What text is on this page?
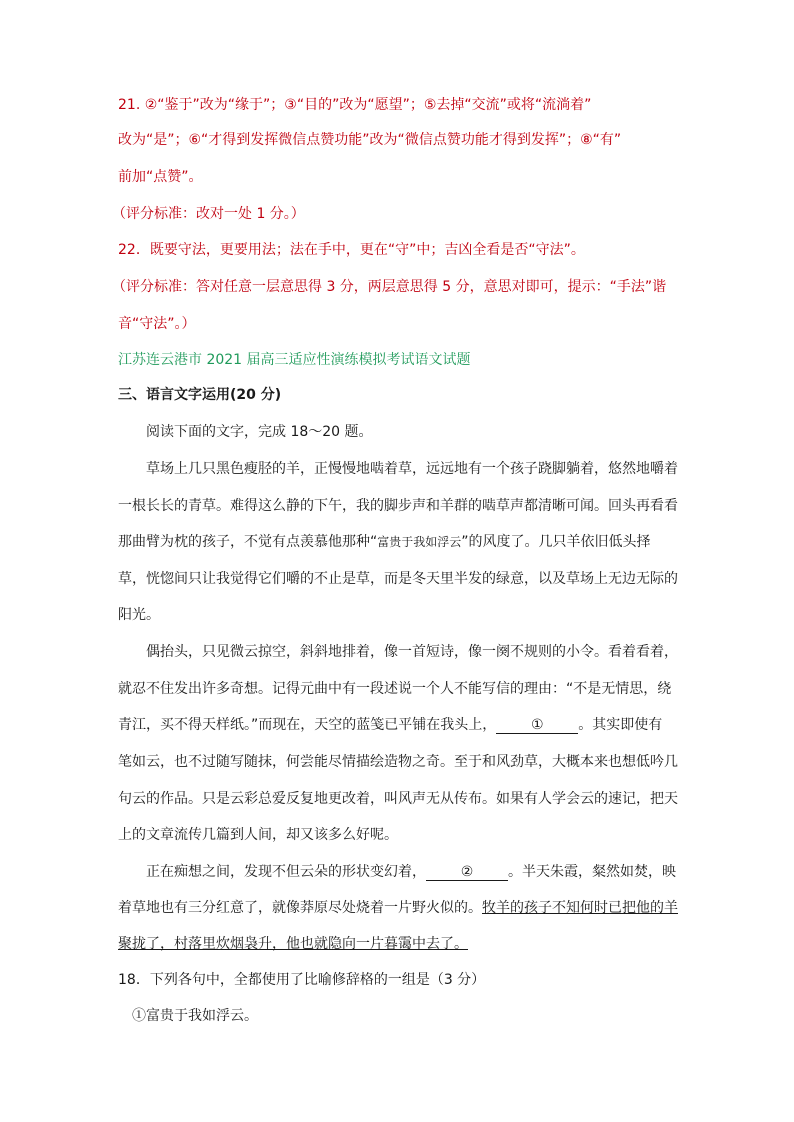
21. ②“鉴于”改为“缘于”；③“目的”改为“愿望”；⑤去掉“交流”或将“流淌着”
改为“是”；⑥“才得到发挥微信点赞功能”改为“微信点赞功能才得到发挥”；⑧“有”
前加“点赞”。
（评分标准：改对一处 1 分。）
22．既要守法，更要用法；法在手中，更在“守”中；吉凶全看是否“守法”。
（评分标准：答对任意一层意思得 3 分，两层意思得 5 分，意思对即可，提示：“手法”谐
音“守法”。）
江苏连云港市 2021 届高三适应性演练模拟考试语文试题
三、语言文字运用(20 分)
阅读下面的文字，完成 18～20 题。
草场上几只黑色瘦胫的羊，正慢慢地啮着草，远远地有一个孩子跷脚躺着，悠然地嚼着
一根长长的青草。难得这么静的下午，我的脚步声和羊群的啮草声都清晰可闻。回头再看看
那曲臂为枕的孩子，不觉有点羡慕他那种“富贵于我如浮云”的风度了。几只羊依旧低头择
草，恍惚间只让我觉得它们嚼的不止是草，而是冬天里半发的绿意，以及草场上无边无际的
阳光。
偶抬头，只见微云掠空，斜斜地排着，像一首短诗，像一阕不规则的小令。看着看着，
就忍不住发出许多奇想。记得元曲中有一段述说一个人不能写信的理由：“不是无情思，绕
青江，买不得天样纸。”而现在，天空的蓝笺已平铺在我头上， ① 。其实即使有
笔如云，也不过随写随抹，何尝能尽情描绘造物之奇。至于和风劲草，大概本来也想低吟几
句云的作品。只是云彩总爱反复地更改着，叫风声无从传布。如果有人学会云的速记，把天
上的文章流传几篇到人间，却又该多么好呢。
正在痴想之间，发现不但云朵的形状变幻着， ② 。半天朱霞，粲然如焚，映
着草地也有三分红意了，就像莽原尽处烧着一片野火似的。牧羊的孩子不知何时已把他的羊
聚拢了，村落里炊烟袅升，他也就隐向一片暮霭中去了。
18．下列各句中，全都使用了比喻修辞格的一组是（3 分）
①富贵于我如浮云。
